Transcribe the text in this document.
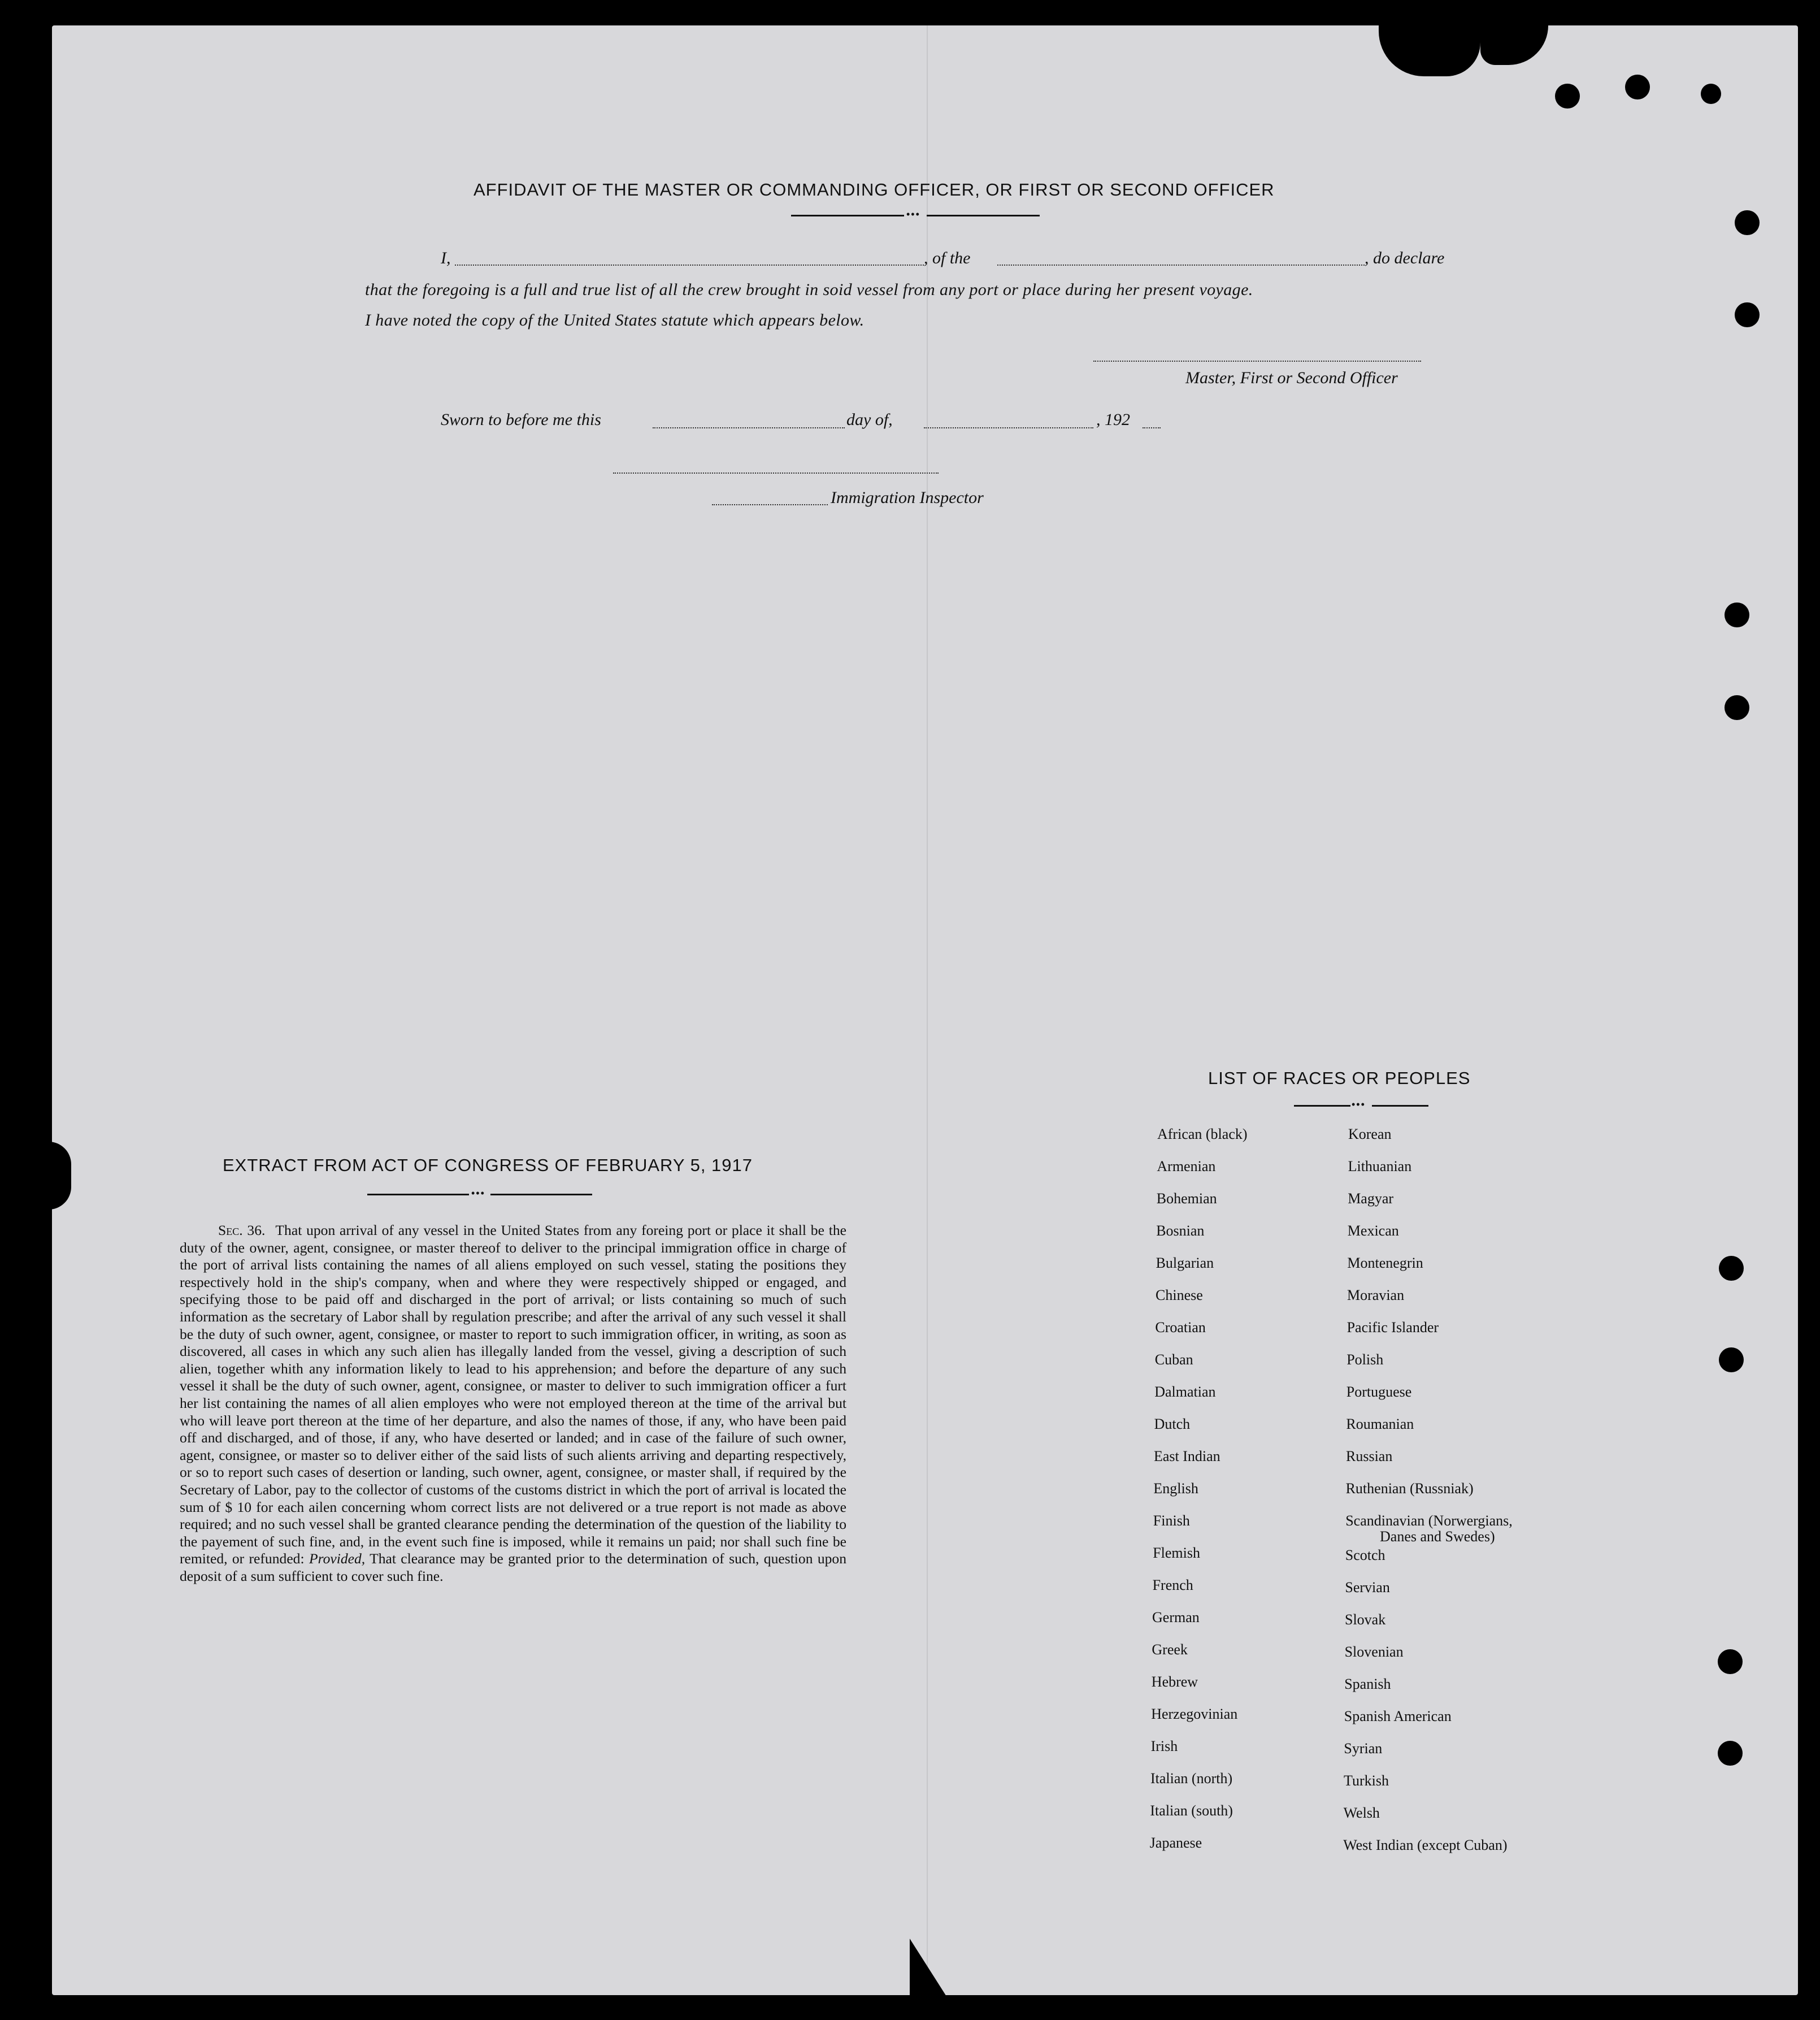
AFFIDAVIT OF THE MASTER OR COMMANDING OFFICER, OR FIRST OR SECOND OFFICER
•••
I,	, of the	, do declare
that the foregoing is a full and true list of all the crew brought in soid vessel from any port or place during her present voyage.
I have noted the copy of the United States statute which appears below.
Master, First or Second Officer
Sworn to before me this	day of,	, 192
Immigration Inspector
EXTRACT FROM ACT OF CONGRESS OF FEBRUARY 5, 1917
•••

Sec. 36. That upon arrival of any vessel in the United States from any foreing port or place it shall be the duty of the owner, agent, consignee, or master thereof to deliver to the principal immigration office in charge of the port of arrival lists containing the names of all aliens employed on such vessel, stating the positions they respectively hold in the ship's company, when and where they were respectively shipped or engaged, and specifying those to be paid off and discharged in the port of arrival; or lists containing so much of such information as the secretary of Labor shall by regulation prescribe; and after the arrival of any such vessel it shall be the duty of such owner, agent, consignee, or master to report to such immigration officer, in writing, as soon as discovered, all cases in which any such alien has illegally landed from the vessel, giving a description of such alien, together whith any information likely to lead to his apprehension; and before the departure of any such vessel it shall be the duty of such owner, agent, consignee, or master to deliver to such immigration officer a furt her list containing the names of all alien employes who were not employed thereon at the time of the arrival but who will leave port thereon at the time of her departure, and also the names of those, if any, who have been paid off and discharged, and of those, if any, who have deserted or landed; and in case of the failure of such owner, agent, consignee, or master so to deliver either of the said lists of such alients arriving and departing respectively, or so to report such cases of desertion or landing, such owner, agent, consignee, or master shall, if required by the Secretary of Labor, pay to the collector of customs of the customs district in which the port of arrival is located the sum of $ 10 for each ailen concerning whom correct lists are not delivered or a true report is not made as above required; and no such vessel shall be granted clearance pending the determination of the question of the liability to the payement of such fine, and, in the event such fine is imposed, while it remains un paid; nor shall such fine be remited, or refunded: Provided, That clearance may be granted prior to the determination of such, question upon deposit of a sum sufficient to cover such fine.

LIST OF RACES OR PEOPLES
•••
African (black)
Armenian
Bohemian
Bosnian
Bulgarian
Chinese
Croatian
Cuban
Dalmatian
Dutch
East Indian
English
Finish
Flemish
French
German
Greek
Hebrew
Herzegovinian
Irish
Italian (north)
Italian (south)
Japanese
Korean
Lithuanian
Magyar
Mexican
Montenegrin
Moravian
Pacific Islander
Polish
Portuguese
Roumanian
Russian
Ruthenian (Russniak)
Scandinavian (Norwergians,
Danes and Swedes)
Scotch
Servian
Slovak
Slovenian
Spanish
Spanish American
Syrian
Turkish
Welsh
West Indian (except Cuban)
